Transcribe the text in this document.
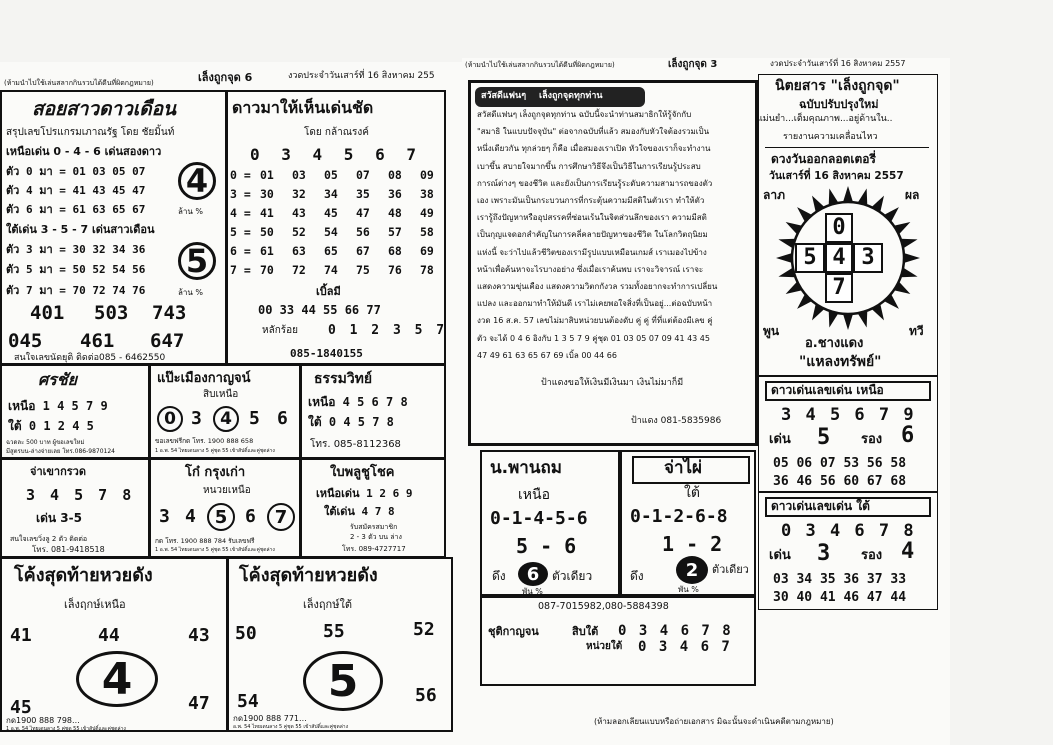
(ห้ามนำไปใช้เล่นสลากกินรวบได้ดีนที่ผิดกฎหมาย)	เล็งถูกจุด 6	งวดประจำวันเสาร์ที่ 16 สิงหาคม 255
สอยสาวดาวเดือน
สรุปเลขโปรแกรมเภาณรัฐ โดย ชัยมิ้นท์
เหนือเด่น 0 - 4 - 6 เด่นสองดาว
ตัว 0 มา = 01 03 05 07
ตัว 4 มา = 41 43 45 47
ตัว 6 มา = 61 63 65 67
4
ล้าน %
ใต้เด่น 3 - 5 - 7 เด่นสาวเดือน
ตัว 3 มา = 30 32 34 36
ตัว 5 มา = 50 52 54 56
ตัว 7 มา = 70 72 74 76
5
ล้าน %
401 503 743
045 461 647
สนใจเลขนัดยุติ ติดต่อ085 - 6462550
ดาวมาให้เห็นเด่นชัด
โดย กล้าณรงค์
0 3 4 5 6 7
0 = 01 03 05 07 08 09
3 = 30 32 34 35 36 38
4 = 41 43 45 47 48 49
5 = 50 52 54 56 57 58
6 = 61 63 65 67 68 69
7 = 70 72 74 75 76 78
เบิ้ลมี
00 33 44 55 66 77
หลักร้อย 0 1 2 3 5 7
085-1840155
ศรชัย
เหนือ 1 4 5 7 9
ใต้ 0 1 2 4 5
ฉวดละ 500 บาท ผู้ขอเลขใหม่
มีสูตรบน-ล่างจ่ายเลย โทร.086-9870124
แป๊ะเมืองกาญจน์
สิบเหนือ
0 3 4 5 6
ขอเลขฟรีกด โทร. 1900 888 658
1 อ.พ. 54 ไทยเดนลาง 5 คู่ชุด 55 เข้าสัปดิ์และคู่ชุดล่าง
ธรรมวิทย์
เหนือ 4 5 6 7 8
ใต้ 0 4 5 7 8
โทร. 085-8112368
จ่าเขากรวด
3 4 5 7 8
เด่น 3-5
สนใจเลขวิ่งลู 2 ตัว ติดต่อ
โทร. 081-9418518
โก๋ กรุงเก่า
หนวยเหนือ
3 4 5 6 7
กด โทร. 1900 888 784 รับเลขฟรี
1 อ.พ. 54 ไทยเดนลาง 5 คู่ชุด 55 เข้าสัปดิ์และคู่ชุดล่าง
ใบพลูชูโชค
เหนือเด่น 1 2 6 9
ใต้เด่น 4 7 8
รับสมัครสมาชิก
2 - 3 ตัว บน ล่าง
โทร. 089-4727717
โค้งสุดท้ายหวยดัง
เล็งฤกษ์เหนือ
41	44	43
4
45	47
กด1900 888 798...
1 อ.พ. 54 ไทยเดนลาง 5 คู่ชุด 55 เข้าสัปดิ์และคู่ชุดล่าง
โค้งสุดท้ายหวยดัง
เล็งฤกษ์ใต้
50	55	52
5
54	56
กด1900 888 771...
อ.พ. 54 ไทยเดนลาง 5 คู่ชุด 55 เข้าสัปดิ์และคู่ชุดล่าง
(ห้ามนำไปใช้เล่นสลากกินรวบได้ดีนที่ผิดกฎหมาย)	เล็งถูกจุด 3	งวดประจำวันเสาร์ที่ 16 สิงหาคม 2557
สวัสดีแฟนๆ เล็งถูกจุดทุกท่าน
สวัสดีแฟนๆ เล็งถูกจุดทุกท่าน ฉบับนี้จะนำท่านสมาธิกให้รู้จักกับ
"สมาธิ ในแบบปัจจุบัน" ต่อจากฉบับที่แล้ว สมองกับหัวใจต้องรวมเป็น
หนึ่งเดียวกัน ทุกล่วยๆ ก็คือ เมื่อสมองเราเปิด หัวใจของเราก็จะทำงาน
เบาขึ้น สบายใจมากขึ้น การศึกษาวิธีจึงเป็นวิธีในการเรียนรู้ประสบ
การณ์ต่างๆ ของชีวิต และยังเป็นการเรียนรู้ระดับความสามารถของตัว
เอง เพราะมันเป็นกระบวนการที่กระตุ้นความมีสติในตัวเรา ทำให้ตัว
เรารู้ถึงปัญหาหรืออุปสรรคที่ซ่อนเร้นในจิตส่วนลึกของเรา ความมีสติ
เป็นกุญแจดอกสำคัญในการคลี่คลายปัญหาของชีวิต ในโลกวิตฤนิยม
แห่งนี้ จะว่าไปแล้วชีวิตของเรามีรูปแบบเหมือนเกมส์ เราเมองไปข้าง
หน้าเพื่อค้นหาจะไรบางอย่าง ซึ่งเมื่อเราค้นพบ เราจะวิจารณ์ เราจะ
แสดงความขุ่นเคือง แสดงความวิตกกังวล รวมทั้งอยากจะทำการเปลี่ยน
แปลง และออกมาทำให้มันดี เราไม่เคยพอใจสิ่งที่เป็นอยู่...ต่อฉบับหน้า
งวด 16 ส.ค. 57 เลขไม่มาสิบหน่วยบนต้องดับ คู่ คู่ ที่ที่แต่ต้องมีเลข คู่
ตัว จะได้ 0 4 6 อิงกับ 1 3 5 7 9 คู่ชุด 01 03 05 07 09 41 43 45
47 49 61 63 65 67 69 เบิ้ล 00 44 66
ป้าแดงขอให้เงินมีเงินมา เงินไม่มาก็มี
ป้าแดง 081-5835986
น.พานถม
เหนือ
0-1-4-5-6
5 - 6
ดึง 6 ตัวเดียว
พัน %
จ่าไผ่
ใต้
0-1-2-6-8
1 - 2
ดึง 2 ตัวเดียว
พัน %
087-7015982,080-5884398
ชุติกาญจน	สิบใต้ 0 3 4 6 7 8
หน่วยใต้ 0 3 4 6 7
นิตยสาร "เล็งถูกจุด"
ฉบับปรับปรุงใหม่
แม่นยำ...เต็มคุณภาพ...อยู่ด้านใน..
รายงานความเคลื่อนไหว
ดวงวันออกลอตเตอรี่
วันเสาร์ที่ 16 สิงหาคม 2557
ลาภ	ผล
พูน	ทวี
0
5 4 3
7
อ.ชางแดง
"แหลงทรัพย์"
ดาวเด่นเลขเด่น เหนือ
3 4 5 6 7 9
เด่น 5 รอง 6
05 06 07 53 56 58
36 46 56 60 67 68
ดาวเด่นเลขเด่น ใต้
0 3 4 6 7 8
เด่น 3 รอง 4
03 34 35 36 37 33
30 40 41 46 47 44
(ห้ามลอกเลียนแบบหรือถ่ายเอกสาร มิฉะนั้นจะดำเนินคดีตามกฎหมาย)
